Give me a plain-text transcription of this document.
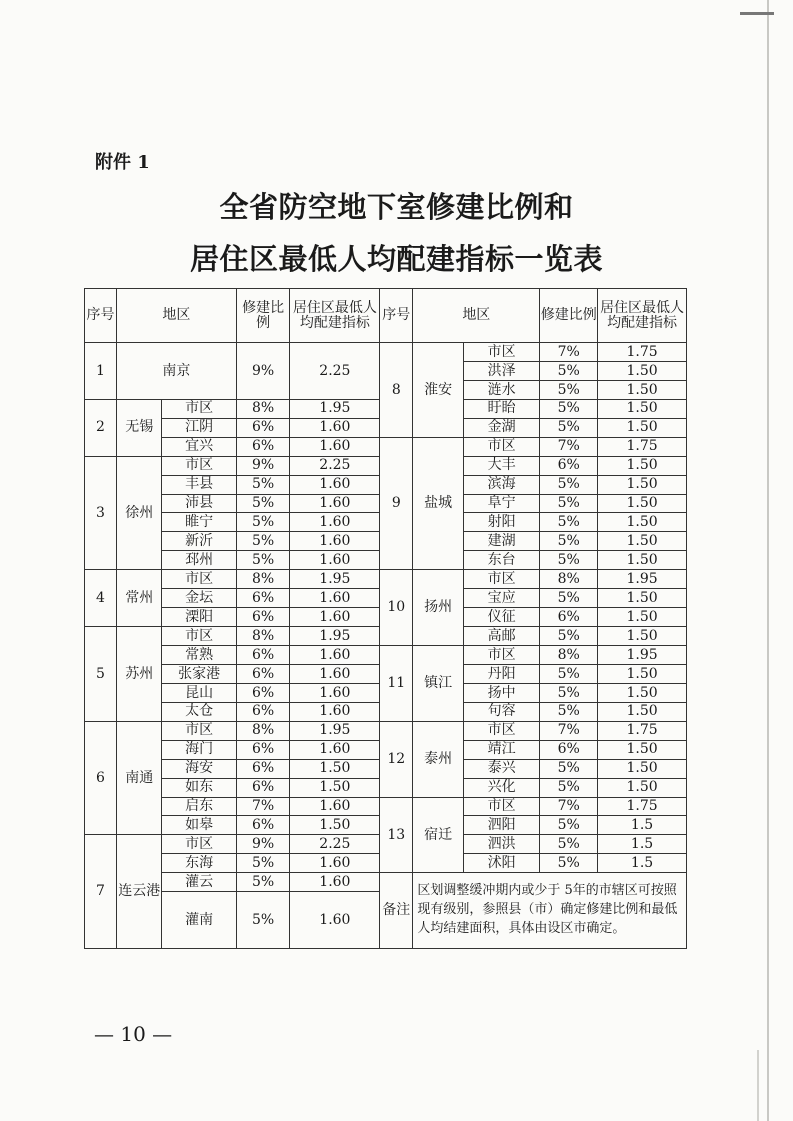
附件 1
全省防空地下室修建比例和
居住区最低人均配建指标一览表
序号	地区		修建比例	居住区最低人均配建指标	序号	地区		修建比例	居住区最低人均配建指标
1	南京		9%	2.25	8	淮安	市区	7%	1.75
							洪泽	5%	1.50
							涟水	5%	1.50
2	无锡	市区	8%	1.95			盱眙	5%	1.50
		江阴	6%	1.60			金湖	5%	1.50
		宜兴	6%	1.60	9	盐城	市区	7%	1.75
3	徐州	市区	9%	2.25			大丰	6%	1.50
		丰县	5%	1.60			滨海	5%	1.50
		沛县	5%	1.60			阜宁	5%	1.50
		睢宁	5%	1.60			射阳	5%	1.50
		新沂	5%	1.60			建湖	5%	1.50
		邳州	5%	1.60			东台	5%	1.50
4	常州	市区	8%	1.95	10	扬州	市区	8%	1.95
		金坛	6%	1.60			宝应	5%	1.50
		溧阳	6%	1.60			仪征	6%	1.50
5	苏州	市区	8%	1.95			高邮	5%	1.50
		常熟	6%	1.60	11	镇江	市区	8%	1.95
		张家港	6%	1.60			丹阳	5%	1.50
		昆山	6%	1.60			扬中	5%	1.50
		太仓	6%	1.60			句容	5%	1.50
6	南通	市区	8%	1.95	12	泰州	市区	7%	1.75
		海门	6%	1.60			靖江	6%	1.50
		海安	6%	1.50			泰兴	5%	1.50
		如东	6%	1.50			兴化	5%	1.50
		启东	7%	1.60	13	宿迁	市区	7%	1.75
		如皋	6%	1.50			泗阳	5%	1.5
7	连云港	市区	9%	2.25			泗洪	5%	1.5
		东海	5%	1.60			沭阳	5%	1.5
		灌云	5%	1.60	备注	区划调整缓冲期内或少于 5年的市辖区可按照现有级别，参照县（市）确定修建比例和最低人均结建面积，具体由设区市确定。			
		灌南	5%	1.60					

— 10 —
